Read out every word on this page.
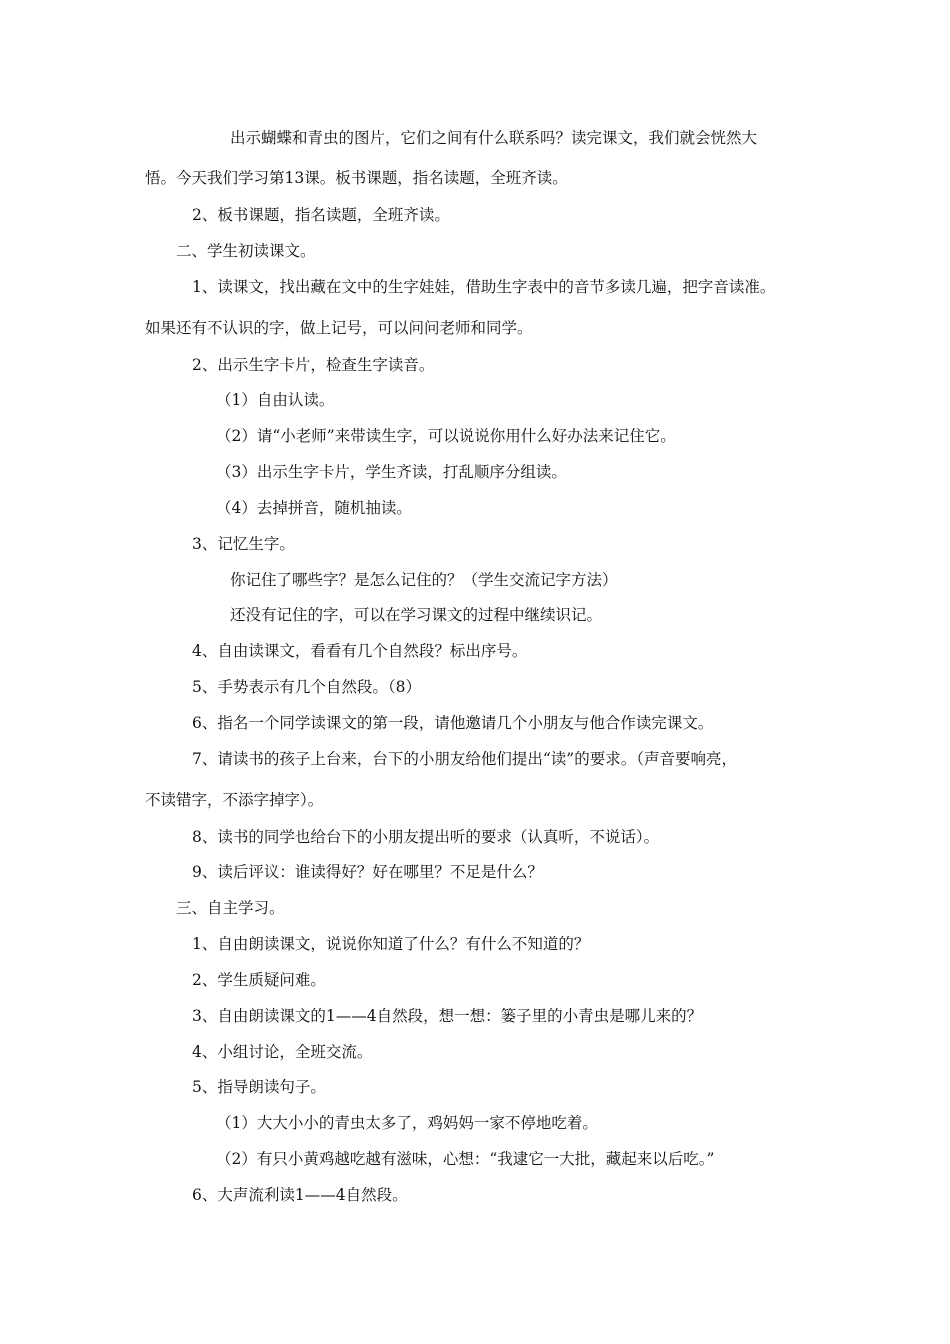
出示蝴蝶和青虫的图片，它们之间有什么联系吗？读完课文，我们就会恍然大
悟。今天我们学习第13课。板书课题，指名读题，全班齐读。
2、板书课题，指名读题，全班齐读。
二、学生初读课文。
1、读课文，找出藏在文中的生字娃娃，借助生字表中的音节多读几遍，把字音读准。
如果还有不认识的字，做上记号，可以问问老师和同学。
2、出示生字卡片，检查生字读音。
（1）自由认读。
（2）请“小老师”来带读生字，可以说说你用什么好办法来记住它。
（3）出示生字卡片，学生齐读，打乱顺序分组读。
（4）去掉拼音，随机抽读。
3、记忆生字。
你记住了哪些字？是怎么记住的？（学生交流记字方法）
还没有记住的字，可以在学习课文的过程中继续识记。
4、自由读课文，看看有几个自然段？标出序号。
5、手势表示有几个自然段。（8）
6、指名一个同学读课文的第一段，请他邀请几个小朋友与他合作读完课文。
7、请读书的孩子上台来，台下的小朋友给他们提出“读”的要求。（声音要响亮，
不读错字，不添字掉字）。
8、读书的同学也给台下的小朋友提出听的要求（认真听，不说话）。
9、读后评议：谁读得好？好在哪里？不足是什么？
三、自主学习。
1、自由朗读课文，说说你知道了什么？有什么不知道的？
2、学生质疑问难。
3、自由朗读课文的1——4自然段，想一想：篓子里的小青虫是哪儿来的？
4、小组讨论，全班交流。
5、指导朗读句子。
（1）大大小小的青虫太多了，鸡妈妈一家不停地吃着。
（2）有只小黄鸡越吃越有滋味，心想：“我逮它一大批，藏起来以后吃。”
6、大声流利读1——4自然段。
